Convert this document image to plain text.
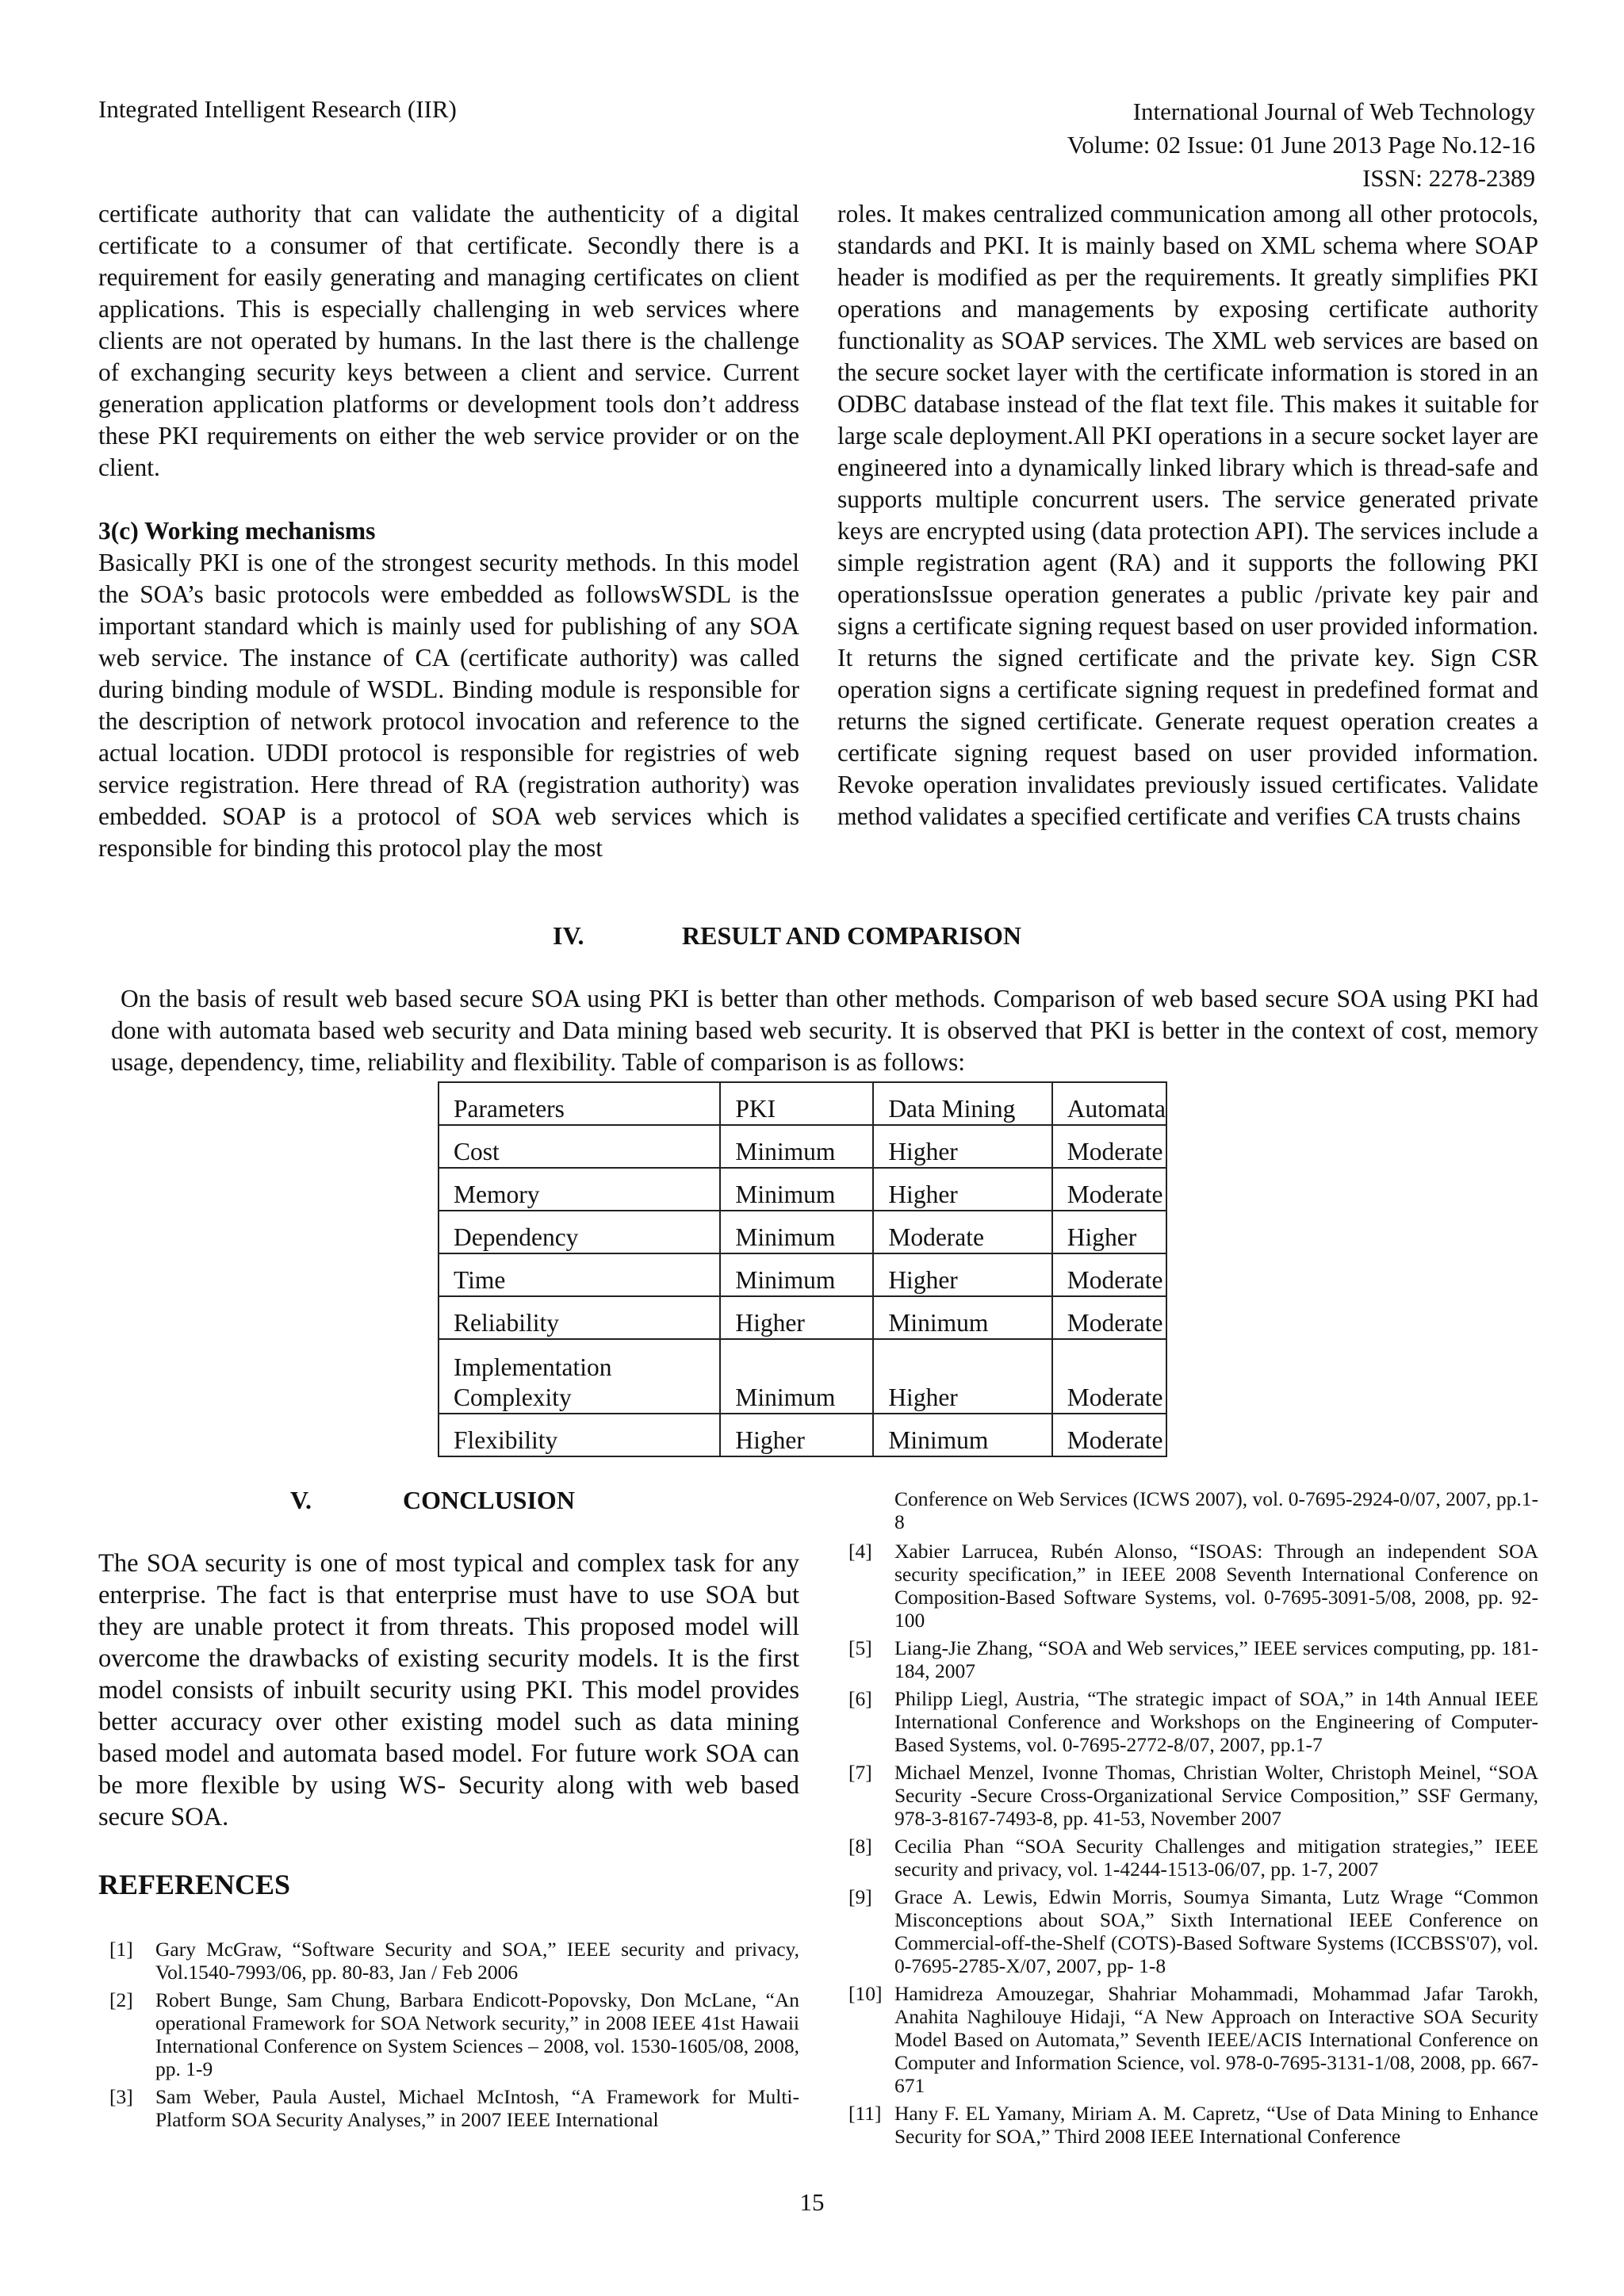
Integrated Intelligent Research (IIR)	International Journal of Web Technology
Volume: 02 Issue: 01 June 2013 Page No.12-16
ISSN: 2278-2389

certificate authority that can validate the authenticity of a digital certificate to a consumer of that certificate. Secondly there is a requirement for easily generating and managing certificates on client applications. This is especially challenging in web services where clients are not operated by humans. In the last there is the challenge of exchanging security keys between a client and service. Current generation application platforms or development tools don’t address these PKI requirements on either the web service provider or on the client.

3(c) Working mechanisms

Basically PKI is one of the strongest security methods. In this model the SOA’s basic protocols were embedded as followsWSDL is the important standard which is mainly used for publishing of any SOA web service. The instance of CA (certificate authority) was called during binding module of WSDL. Binding module is responsible for the description of network protocol invocation and reference to the actual location. UDDI protocol is responsible for registries of web service registration. Here thread of RA (registration authority) was embedded. SOAP is a protocol of SOA web services which is responsible for binding this protocol play the most

roles. It makes centralized communication among all other protocols, standards and PKI. It is mainly based on XML schema where SOAP header is modified as per the requirements. It greatly simplifies PKI operations and managements by exposing certificate authority functionality as SOAP services. The XML web services are based on the secure socket layer with the certificate information is stored in an ODBC database instead of the flat text file. This makes it suitable for large scale deployment.All PKI operations in a secure socket layer are engineered into a dynamically linked library which is thread-safe and supports multiple concurrent users. The service generated private keys are encrypted using (data protection API). The services include a simple registration agent (RA) and it supports the following PKI operationsIssue operation generates a public /private key pair and signs a certificate signing request based on user provided information. It returns the signed certificate and the private key. Sign CSR operation signs a certificate signing request in predefined format and returns the signed certificate. Generate request operation creates a certificate signing request based on user provided information. Revoke operation invalidates previously issued certificates. Validate method validates a specified certificate and verifies CA trusts chains

IV.	RESULT AND COMPARISON

On the basis of result web based secure SOA using PKI is better than other methods. Comparison of web based secure SOA using PKI had done with automata based web security and Data mining based web security. It is observed that PKI is better in the context of cost, memory usage, dependency, time, reliability and flexibility. Table of comparison is as follows:

Parameters	PKI	Data Mining	Automata
Cost	Minimum	Higher	Moderate
Memory	Minimum	Higher	Moderate
Dependency	Minimum	Moderate	Higher
Time	Minimum	Higher	Moderate
Reliability	Higher	Minimum	Moderate
Implementation Complexity	Minimum	Higher	Moderate
Flexibility	Higher	Minimum	Moderate
V.	CONCLUSION

The SOA security is one of most typical and complex task for any enterprise. The fact is that enterprise must have to use SOA but they are unable protect it from threats. This proposed model will overcome the drawbacks of existing security models. It is the first model consists of inbuilt security using PKI. This model provides better accuracy over other existing model such as data mining based model and automata based model. For future work SOA can be more flexible by using WS- Security along with web based secure SOA.

REFERENCES
[1]	Gary McGraw, “Software Security and SOA,” IEEE security and privacy, Vol.1540-7993/06, pp. 80-83, Jan / Feb 2006
[2]	Robert Bunge, Sam Chung, Barbara Endicott-Popovsky, Don McLane, “An operational Framework for SOA Network security,” in 2008 IEEE 41st Hawaii International Conference on System Sciences – 2008, vol. 1530-1605/08, 2008, pp. 1-9
[3]	Sam Weber, Paula Austel, Michael McIntosh, “A Framework for Multi-Platform SOA Security Analyses,” in 2007 IEEE International
Conference on Web Services (ICWS 2007), vol. 0-7695-2924-0/07, 2007, pp.1-8
[4]	Xabier Larrucea, Rubén Alonso, “ISOAS: Through an independent SOA security specification,” in IEEE 2008 Seventh International Conference on Composition-Based Software Systems, vol. 0-7695-3091-5/08, 2008, pp. 92-100
[5]	Liang-Jie Zhang, “SOA and Web services,” IEEE services computing, pp. 181-184, 2007
[6]	Philipp Liegl, Austria, “The strategic impact of SOA,” in 14th Annual IEEE International Conference and Workshops on the Engineering of Computer-Based Systems, vol. 0-7695-2772-8/07, 2007, pp.1-7
[7]	Michael Menzel, Ivonne Thomas, Christian Wolter, Christoph Meinel, “SOA Security -Secure Cross-Organizational Service Composition,” SSF Germany, 978-3-8167-7493-8, pp. 41-53, November 2007
[8]	Cecilia Phan “SOA Security Challenges and mitigation strategies,” IEEE security and privacy, vol. 1-4244-1513-06/07, pp. 1-7, 2007
[9]	Grace A. Lewis, Edwin Morris, Soumya Simanta, Lutz Wrage “Common Misconceptions about SOA,” Sixth International IEEE Conference on Commercial-off-the-Shelf (COTS)-Based Software Systems (ICCBSS'07), vol. 0-7695-2785-X/07, 2007, pp- 1-8
[10] Hamidreza Amouzegar, Shahriar Mohammadi, Mohammad Jafar Tarokh, Anahita Naghilouye Hidaji, “A New Approach on Interactive SOA Security Model Based on Automata,” Seventh IEEE/ACIS International Conference on Computer and Information Science, vol. 978-0-7695-3131-1/08, 2008, pp. 667-671
[11] Hany F. EL Yamany, Miriam A. M. Capretz, “Use of Data Mining to Enhance Security for SOA,” Third 2008 IEEE International Conference
15
